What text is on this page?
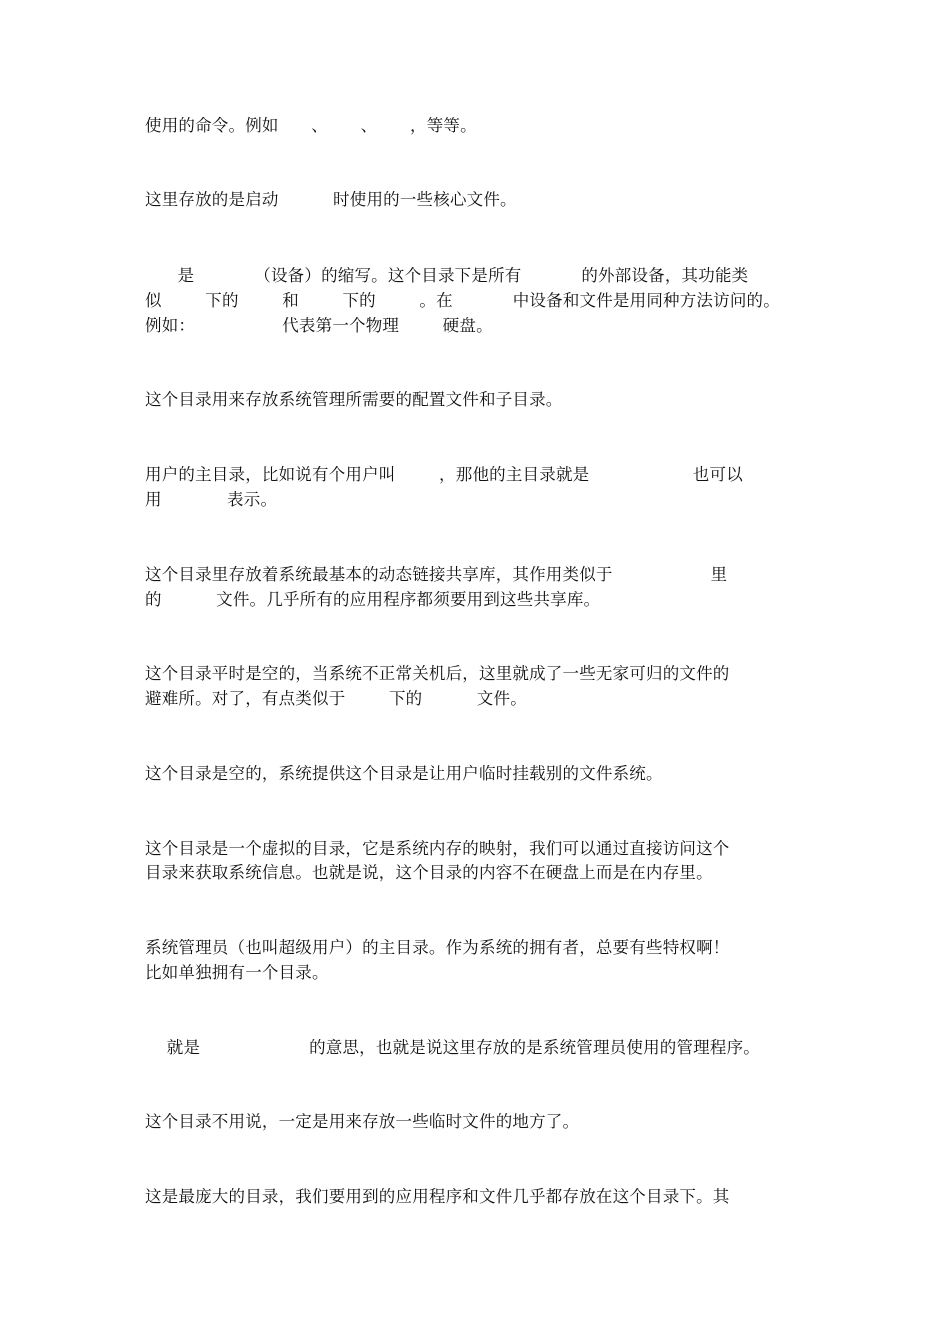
使用的命令。例如      、      、      ，等等。
这里存放的是启动          时使用的一些核心文件。
是           （设备）的缩写。这个目录下是所有           的外部设备，其功能类
似        下的        和        下的        。在           中设备和文件是用同种方法访问的。
例如：                代表第一个物理        硬盘。
这个目录用来存放系统管理所需要的配置文件和子目录。
用户的主目录，比如说有个用户叫        ，那他的主目录就是                   也可以
用            表示。
这个目录里存放着系统最基本的动态链接共享库，其作用类似于                  里
的          文件。几乎所有的应用程序都须要用到这些共享库。
这个目录平时是空的，当系统不正常关机后，这里就成了一些无家可归的文件的
避难所。对了，有点类似于        下的          文件。
这个目录是空的，系统提供这个目录是让用户临时挂载别的文件系统。
这个目录是一个虚拟的目录，它是系统内存的映射，我们可以通过直接访问这个
目录来获取系统信息。也就是说，这个目录的内容不在硬盘上而是在内存里。
系统管理员（也叫超级用户）的主目录。作为系统的拥有者，总要有些特权啊！
比如单独拥有一个目录。
就是                    的意思，也就是说这里存放的是系统管理员使用的管理程序。
这个目录不用说，一定是用来存放一些临时文件的地方了。
这是最庞大的目录，我们要用到的应用程序和文件几乎都存放在这个目录下。其
